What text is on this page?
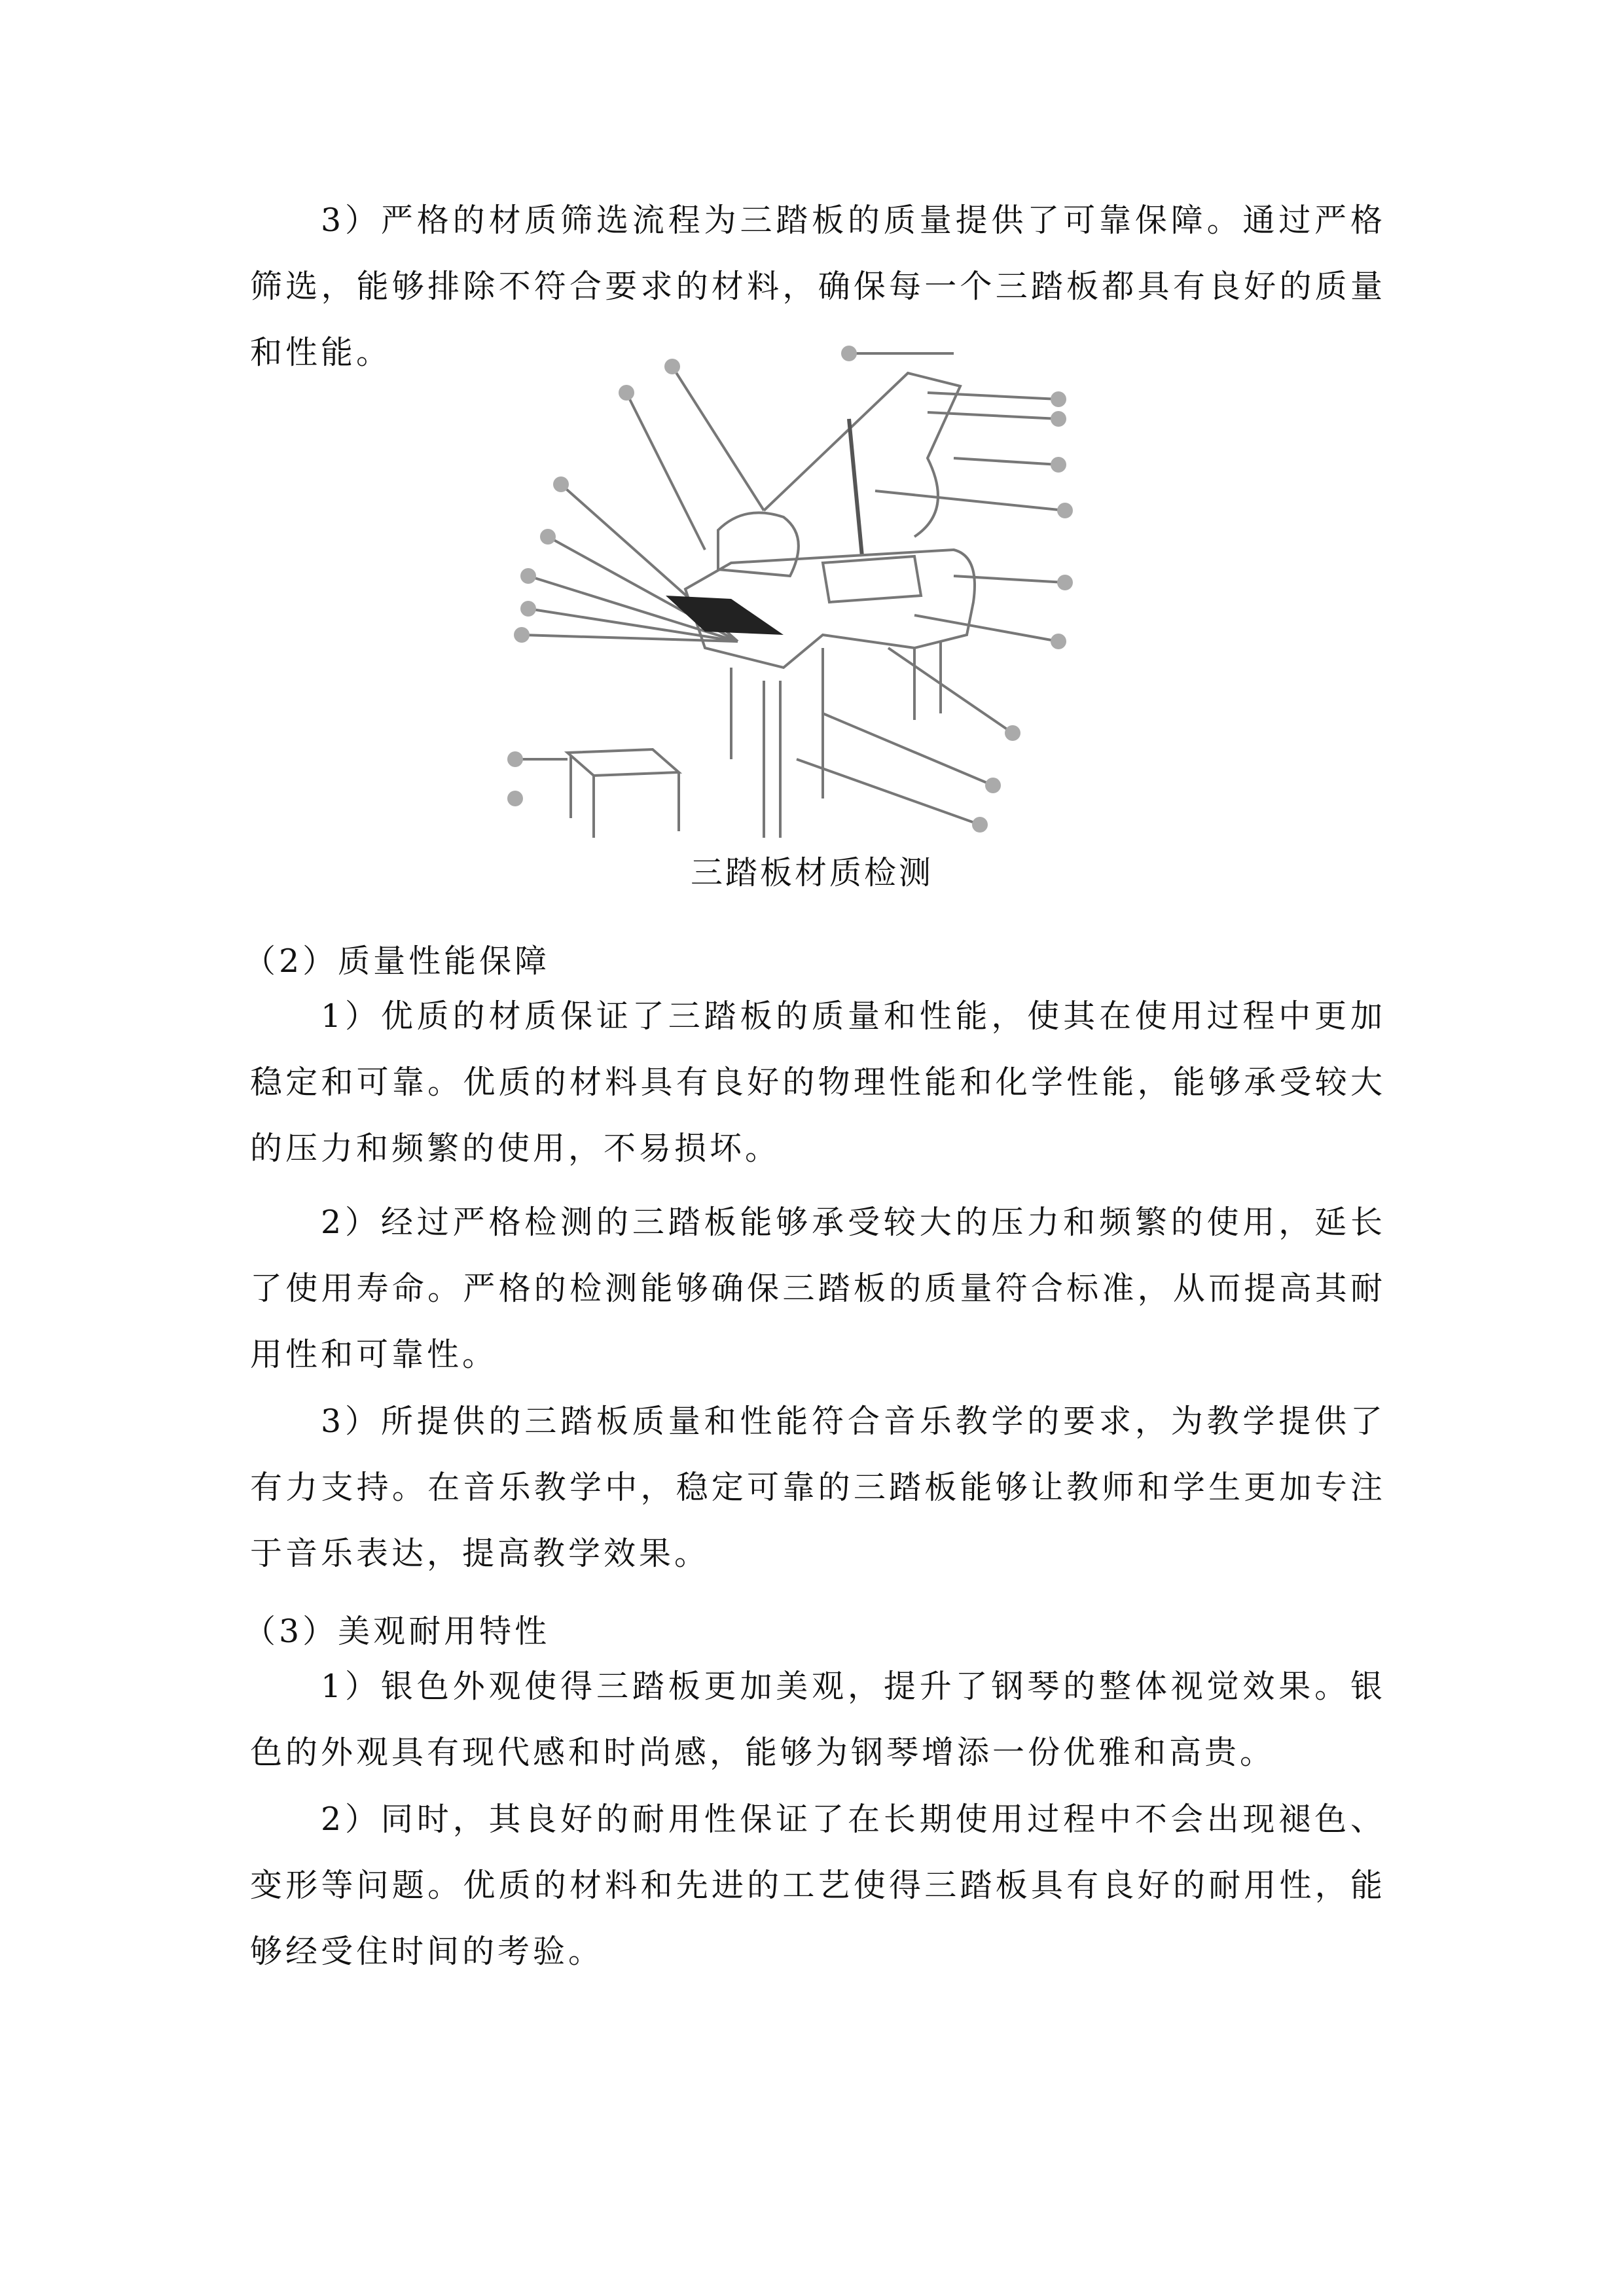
3）严格的材质筛选流程为三踏板的质量提供了可靠保障。通过严格筛选，能够排除不符合要求的材料，确保每一个三踏板都具有良好的质量和性能。

三踏板材质检测

（2）质量性能保障

1）优质的材质保证了三踏板的质量和性能，使其在使用过程中更加稳定和可靠。优质的材料具有良好的物理性能和化学性能，能够承受较大的压力和频繁的使用，不易损坏。

2）经过严格检测的三踏板能够承受较大的压力和频繁的使用，延长了使用寿命。严格的检测能够确保三踏板的质量符合标准，从而提高其耐用性和可靠性。

3）所提供的三踏板质量和性能符合音乐教学的要求，为教学提供了有力支持。在音乐教学中，稳定可靠的三踏板能够让教师和学生更加专注于音乐表达，提高教学效果。

（3）美观耐用特性

1）银色外观使得三踏板更加美观，提升了钢琴的整体视觉效果。银色的外观具有现代感和时尚感，能够为钢琴增添一份优雅和高贵。

2）同时，其良好的耐用性保证了在长期使用过程中不会出现褪色、变形等问题。优质的材料和先进的工艺使得三踏板具有良好的耐用性，能够经受住时间的考验。
